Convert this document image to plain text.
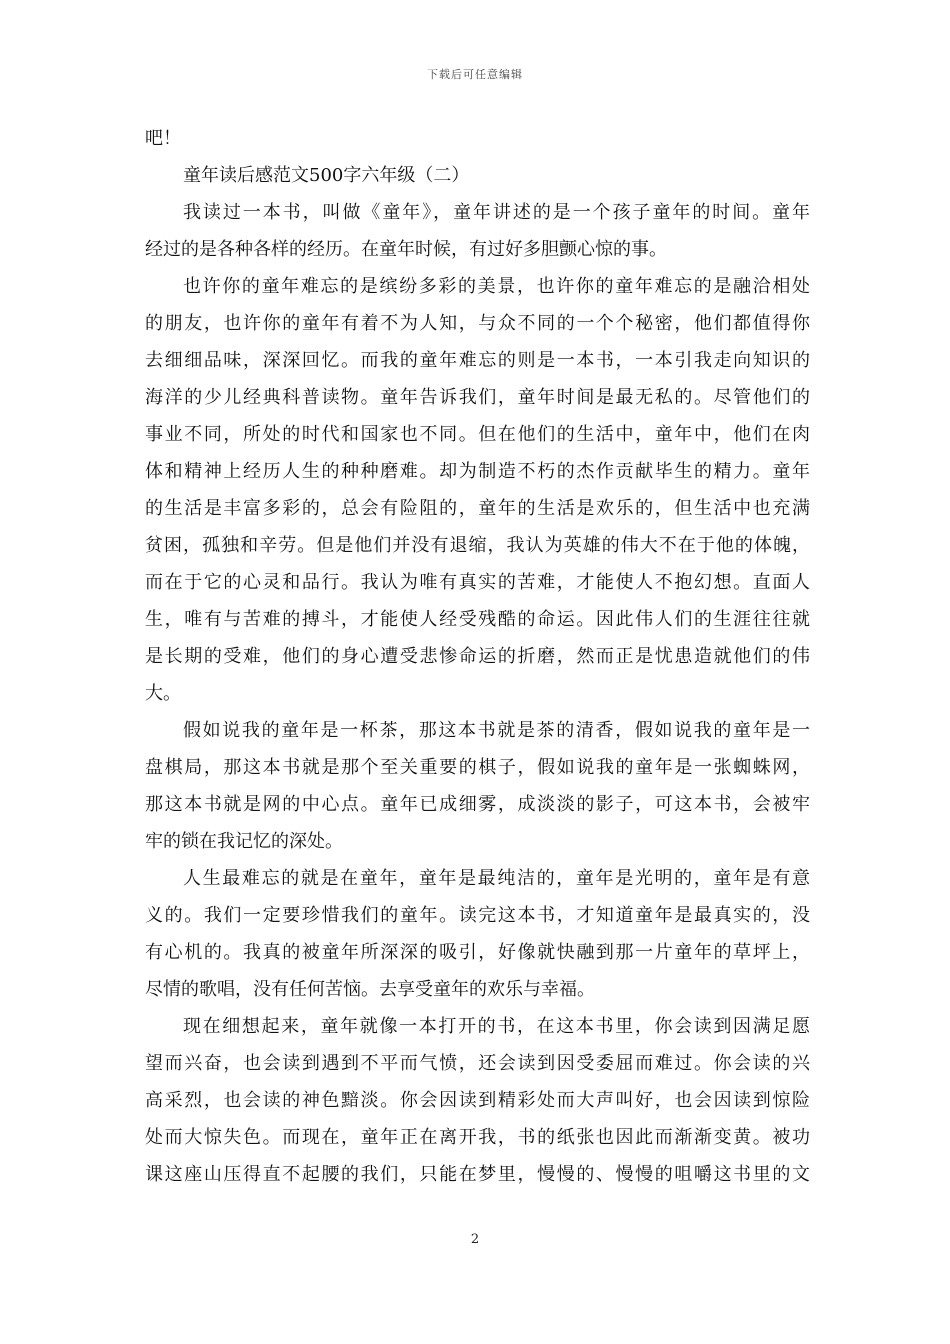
下载后可任意编辑
吧！
童年读后感范文500字六年级（二）
我读过一本书，叫做《童年》，童年讲述的是一个孩子童年的时间。童年
经过的是各种各样的经历。在童年时候，有过好多胆颤心惊的事。
也许你的童年难忘的是缤纷多彩的美景，也许你的童年难忘的是融洽相处
的朋友，也许你的童年有着不为人知，与众不同的一个个秘密，他们都值得你
去细细品味，深深回忆。而我的童年难忘的则是一本书，一本引我走向知识的
海洋的少儿经典科普读物。童年告诉我们，童年时间是最无私的。尽管他们的
事业不同，所处的时代和国家也不同。但在他们的生活中，童年中，他们在肉
体和精神上经历人生的种种磨难。却为制造不朽的杰作贡献毕生的精力。童年
的生活是丰富多彩的，总会有险阻的，童年的生活是欢乐的，但生活中也充满
贫困，孤独和辛劳。但是他们并没有退缩，我认为英雄的伟大不在于他的体魄，
而在于它的心灵和品行。我认为唯有真实的苦难，才能使人不抱幻想。直面人
生，唯有与苦难的搏斗，才能使人经受残酷的命运。因此伟人们的生涯往往就
是长期的受难，他们的身心遭受悲惨命运的折磨，然而正是忧患造就他们的伟
大。
假如说我的童年是一杯茶，那这本书就是茶的清香，假如说我的童年是一
盘棋局，那这本书就是那个至关重要的棋子，假如说我的童年是一张蜘蛛网，
那这本书就是网的中心点。童年已成细雾，成淡淡的影子，可这本书，会被牢
牢的锁在我记忆的深处。
人生最难忘的就是在童年，童年是最纯洁的，童年是光明的，童年是有意
义的。我们一定要珍惜我们的童年。读完这本书，才知道童年是最真实的，没
有心机的。我真的被童年所深深的吸引，好像就快融到那一片童年的草坪上，
尽情的歌唱，没有任何苦恼。去享受童年的欢乐与幸福。
现在细想起来，童年就像一本打开的书，在这本书里，你会读到因满足愿
望而兴奋，也会读到遇到不平而气愤，还会读到因受委屈而难过。你会读的兴
高采烈，也会读的神色黯淡。你会因读到精彩处而大声叫好，也会因读到惊险
处而大惊失色。而现在，童年正在离开我，书的纸张也因此而渐渐变黄。被功
课这座山压得直不起腰的我们，只能在梦里，慢慢的、慢慢的咀嚼这书里的文
2
